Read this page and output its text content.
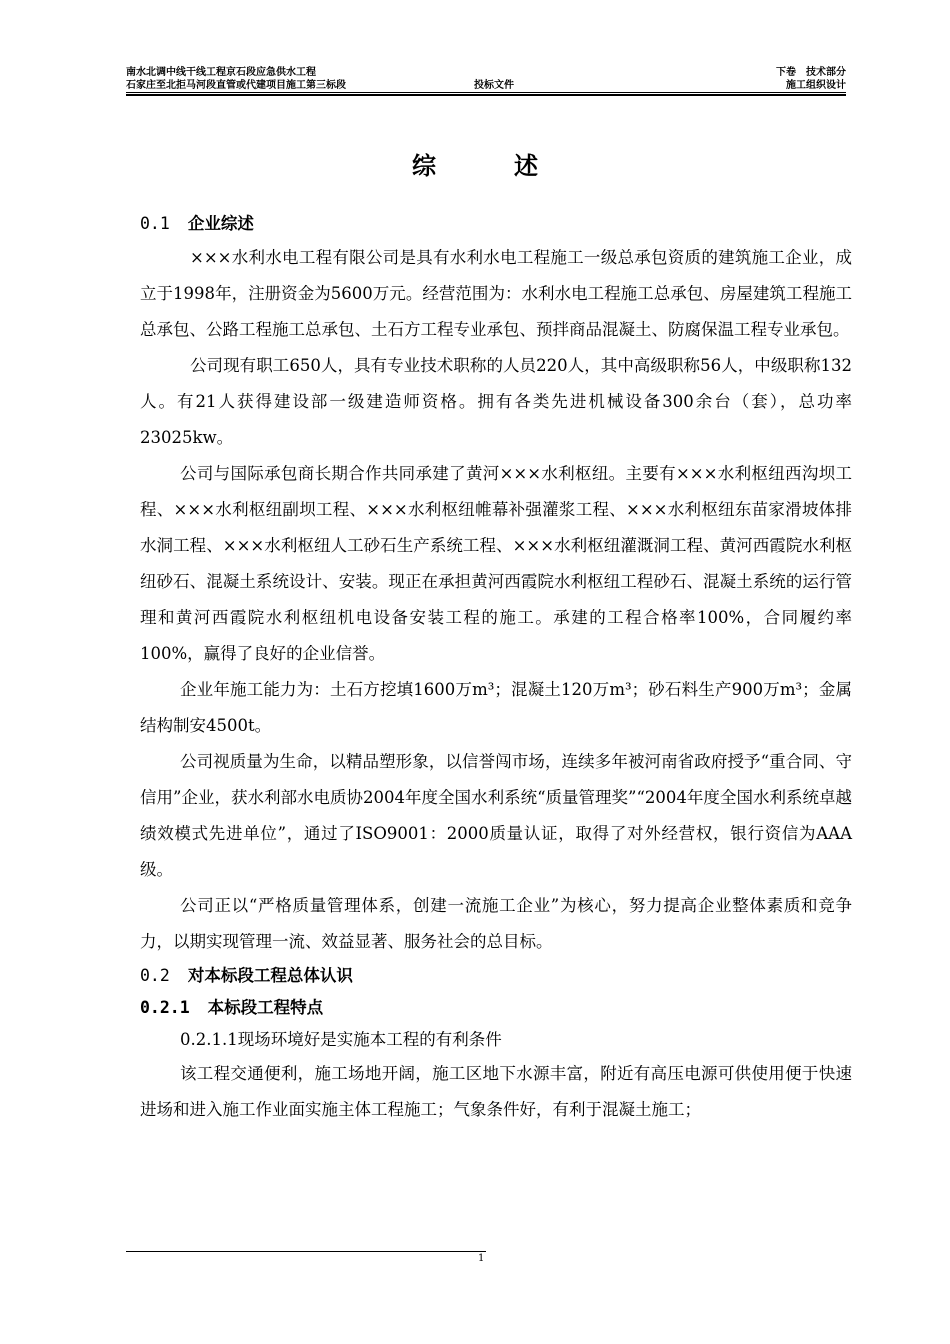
南水北调中线干线工程京石段应急供水工程
石家庄至北拒马河段直管或代建项目施工第三标段	投标文件
下卷　技术部分
施工组织设计
综述
0.1 企业综述

×××水利水电工程有限公司是具有水利水电工程施工一级总承包资质的建筑施工企业，成立于1998年，注册资金为5600万元。经营范围为：水利水电工程施工总承包、房屋建筑工程施工总承包、公路工程施工总承包、土石方工程专业承包、预拌商品混凝土、防腐保温工程专业承包。

公司现有职工650人，具有专业技术职称的人员220人，其中高级职称56人，中级职称132人。有21人获得建设部一级建造师资格。拥有各类先进机械设备300余台（套），总功率23025kw。

公司与国际承包商长期合作共同承建了黄河×××水利枢纽。主要有×××水利枢纽西沟坝工程、×××水利枢纽副坝工程、×××水利枢纽帷幕补强灌浆工程、×××水利枢纽东苗家滑坡体排水洞工程、×××水利枢纽人工砂石生产系统工程、×××水利枢纽灌溉洞工程、黄河西霞院水利枢纽砂石、混凝土系统设计、安装。现正在承担黄河西霞院水利枢纽工程砂石、混凝土系统的运行管理和黄河西霞院水利枢纽机电设备安装工程的施工。承建的工程合格率100%，合同履约率100%，赢得了良好的企业信誉。

企业年施工能力为：土石方挖填1600万m³；混凝土120万m³；砂石料生产900万m³；金属结构制安4500t。

公司视质量为生命，以精品塑形象，以信誉闯市场，连续多年被河南省政府授予“重合同、守信用”企业，获水利部水电质协2004年度全国水利系统“质量管理奖”“2004年度全国水利系统卓越绩效模式先进单位”，通过了ISO9001：2000质量认证，取得了对外经营权，银行资信为AAA级。

公司正以“严格质量管理体系，创建一流施工企业”为核心，努力提高企业整体素质和竞争力，以期实现管理一流、效益显著、服务社会的总目标。

0.2 对本标段工程总体认识
0.2.1 本标段工程特点
0.2.1.1现场环境好是实施本工程的有利条件

该工程交通便利，施工场地开阔，施工区地下水源丰富，附近有高压电源可供使用便于快速进场和进入施工作业面实施主体工程施工；气象条件好，有利于混凝土施工；

1
